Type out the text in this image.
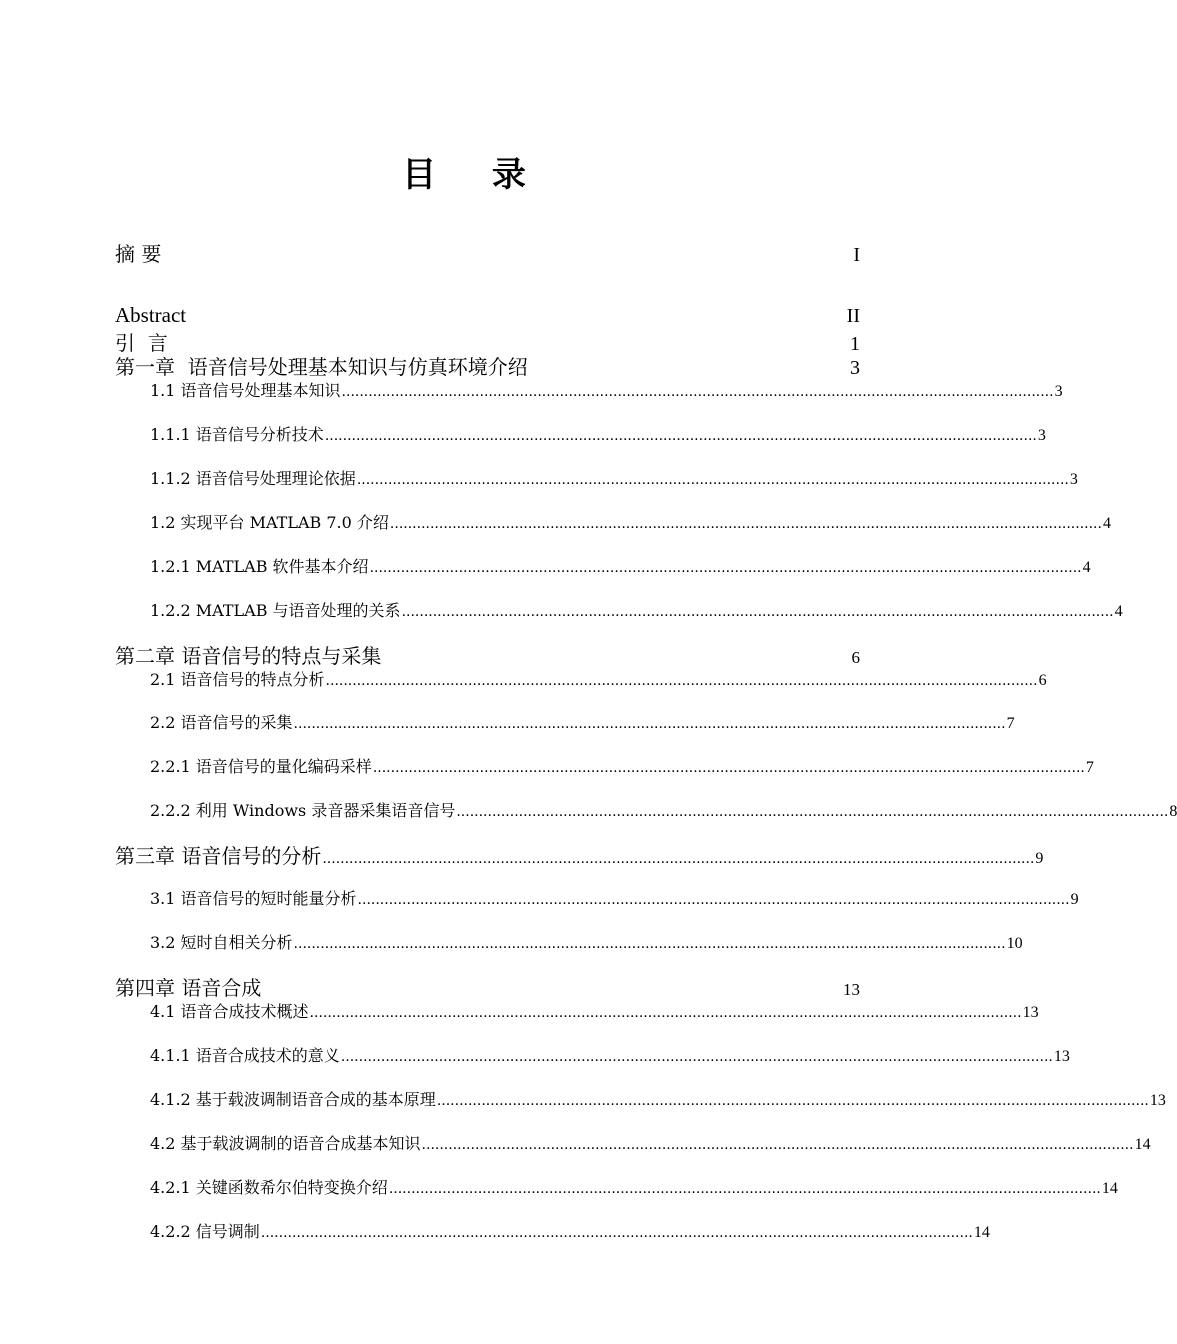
目 录
摘 要	I
Abstract	II
引  言	1
第一章  语音信号处理基本知识与仿真环境介绍	3
1.1 语音信号处理基本知识 ................................................................................................................................................................ 3
1.1.1 语音信号分析技术 ................................................................................................................................................................ 3
1.1.2 语音信号处理理论依据 ................................................................................................................................................................ 3
1.2 实现平台 MATLAB 7.0 介绍 ................................................................................................................................................................ 4
1.2.1 MATLAB 软件基本介绍 ................................................................................................................................................................ 4
1.2.2 MATLAB 与语音处理的关系 ................................................................................................................................................................ 4
第二章 语音信号的特点与采集	6
2.1 语音信号的特点分析 ................................................................................................................................................................ 6
2.2 语音信号的采集 ................................................................................................................................................................ 7
2.2.1 语音信号的量化编码采样 ................................................................................................................................................................ 7
2.2.2 利用 Windows 录音器采集语音信号 ................................................................................................................................................................ 8
第三章 语音信号的分析 ................................................................................................................................................................ 9
3.1 语音信号的短时能量分析 ................................................................................................................................................................ 9
3.2 短时自相关分析 ................................................................................................................................................................ 10
第四章 语音合成	13
4.1 语音合成技术概述 ................................................................................................................................................................ 13
4.1.1 语音合成技术的意义 ................................................................................................................................................................ 13
4.1.2 基于载波调制语音合成的基本原理 ................................................................................................................................................................ 13
4.2 基于载波调制的语音合成基本知识 ................................................................................................................................................................ 14
4.2.1 关键函数希尔伯特变换介绍 ................................................................................................................................................................ 14
4.2.2 信号调制 ................................................................................................................................................................ 14
